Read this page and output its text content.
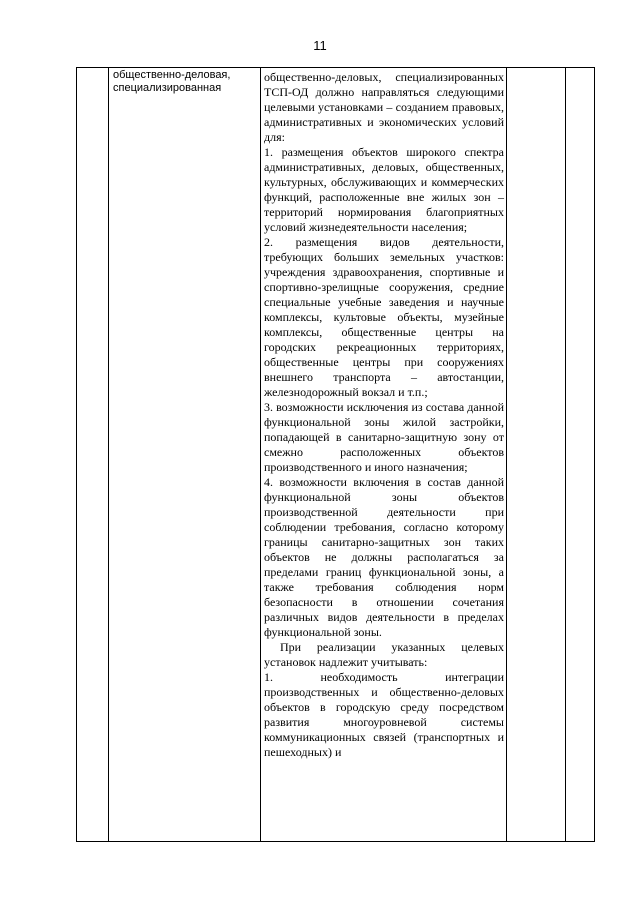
11

общественно-деловая,
специализированная

общественно-деловых, специализированных ТСП-ОД должно направляться следующими целевыми установками – созданием правовых, административных и экономических условий для:

1. размещения объектов широкого спектра административных, деловых, общественных, культурных, обслуживающих и коммерческих функций, расположенные вне жилых зон – территорий нормирования благоприятных условий жизнедеятельности населения;

2. размещения видов деятельности, требующих больших земельных участков: учреждения здравоохранения, спортивные и спортивно-зрелищные сооружения, средние специальные учебные заведения и научные комплексы, культовые объекты, музейные комплексы, общественные центры на городских рекреационных территориях, общественные центры при сооружениях внешнего транспорта – автостанции, железнодорожный вокзал и т.п.;

3. возможности исключения из состава данной функциональной зоны жилой застройки, попадающей в санитарно-защитную зону от смежно расположенных объектов производственного и иного назначения;

4. возможности включения в состав данной функциональной зоны объектов производственной деятельности при соблюдении требования, согласно которому границы санитарно-защитных зон таких объектов не должны располагаться за пределами границ функциональной зоны, а также требования соблюдения норм безопасности в отношении сочетания различных видов деятельности в пределах функциональной зоны.

При реализации указанных целевых установок надлежит учитывать:

1. необходимость интеграции производственных и общественно-деловых объектов в городскую среду посредством развития многоуровневой системы коммуникационных связей (транспортных и пешеходных) и
